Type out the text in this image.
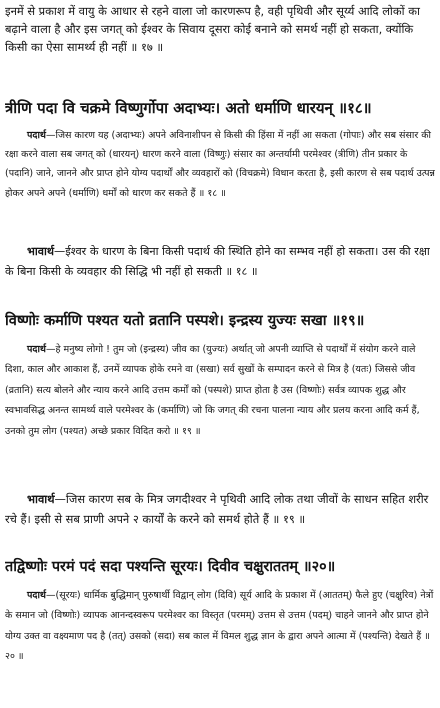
इनमें से प्रकाश में वायु के आधार से रहने वाला जो कारणरूप है, वही पृथिवी और सूर्य्य आदि लोकों का बढ़ाने वाला है और इस जगत् को ईश्वर के सिवाय दूसरा कोई बनाने को समर्थ नहीं हो सकता, क्योंकि किसी का ऐसा सामर्थ्य ही नहीं ॥ १७ ॥
त्रीणि पदा वि चक्रमे विष्णुर्गोपा अदाभ्यः। अतो धर्माणि धारयन् ॥१८॥
पदार्थ—जिस कारण यह (अदाभ्यः) अपने अविनाशीपन से किसी की हिंसा में नहीं आ सकता (गोपाः) और सब संसार की रक्षा करने वाला सब जगत् को (धारयन्) धारण करने वाला (विष्णुः) संसार का अन्तर्यामी परमेश्वर (त्रीणि) तीन प्रकार के (पदानि) जाने, जानने और प्राप्त होने योग्य पदार्थों और व्यवहारों को (विचक्रमे) विधान करता है, इसी कारण से सब पदार्थ उत्पन्न होकर अपने अपने (धर्माणि) धर्मों को धारण कर सकते हैं ॥ १८ ॥
भावार्थ—ईश्वर के धारण के बिना किसी पदार्थ की स्थिति होने का सम्भव नहीं हो सकता। उस की रक्षा के बिना किसी के व्यवहार की सिद्धि भी नहीं हो सकती ॥ १८ ॥
विष्णोः कर्माणि पश्यत यतो व्रतानि पस्पशे। इन्द्रस्य युज्यः सखा ॥१९॥
पदार्थ—हे मनुष्य लोगो ! तुम जो (इन्द्रस्य) जीव का (युज्यः) अर्थात् जो अपनी व्याप्ति से पदार्थों में संयोग करने वाले दिशा, काल और आकाश हैं, उनमें व्यापक होके रमने वा (सखा) सर्व सुखों के सम्पादन करने से मित्र है (यतः) जिससे जीव (व्रतानि) सत्य बोलने और न्याय करने आदि उत्तम कर्मों को (पस्पशे) प्राप्त होता है उस (विष्णोः) सर्वत्र व्यापक शुद्ध और स्वभावसिद्ध अनन्त सामर्थ्य वाले परमेश्वर के (कर्माणि) जो कि जगत् की रचना पालना न्याय और प्रलय करना आदि कर्म हैं, उनको तुम लोग (पश्यत) अच्छे प्रकार विदित करो ॥ १९ ॥
भावार्थ—जिस कारण सब के मित्र जगदीश्वर ने पृथिवी आदि लोक तथा जीवों के साधन सहित शरीर रचे हैं। इसी से सब प्राणी अपने २ कार्यों के करने को समर्थ होते हैं ॥ १९ ॥
तद्विष्णोः परमं पदं सदा पश्यन्ति सूरयः। दिवीव चक्षुराततम् ॥२०॥
पदार्थ—(सूरयः) धार्मिक बुद्धिमान् पुरुषार्थी विद्वान् लोग (दिवि) सूर्य आदि के प्रकाश में (आततम्) फैले हुए (चक्षुरिव) नेत्रों के समान जो (विष्णोः) व्यापक आनन्दस्वरूप परमेश्वर का विस्तृत (परमम्) उत्तम से उत्तम (पदम्) चाहने जानने और प्राप्त होने योग्य उक्त वा वक्ष्यमाण पद है (तत्) उसको (सदा) सब काल में विमल शुद्ध ज्ञान के द्वारा अपने आत्मा में (पश्यन्ति) देखते हैं ॥ २० ॥
